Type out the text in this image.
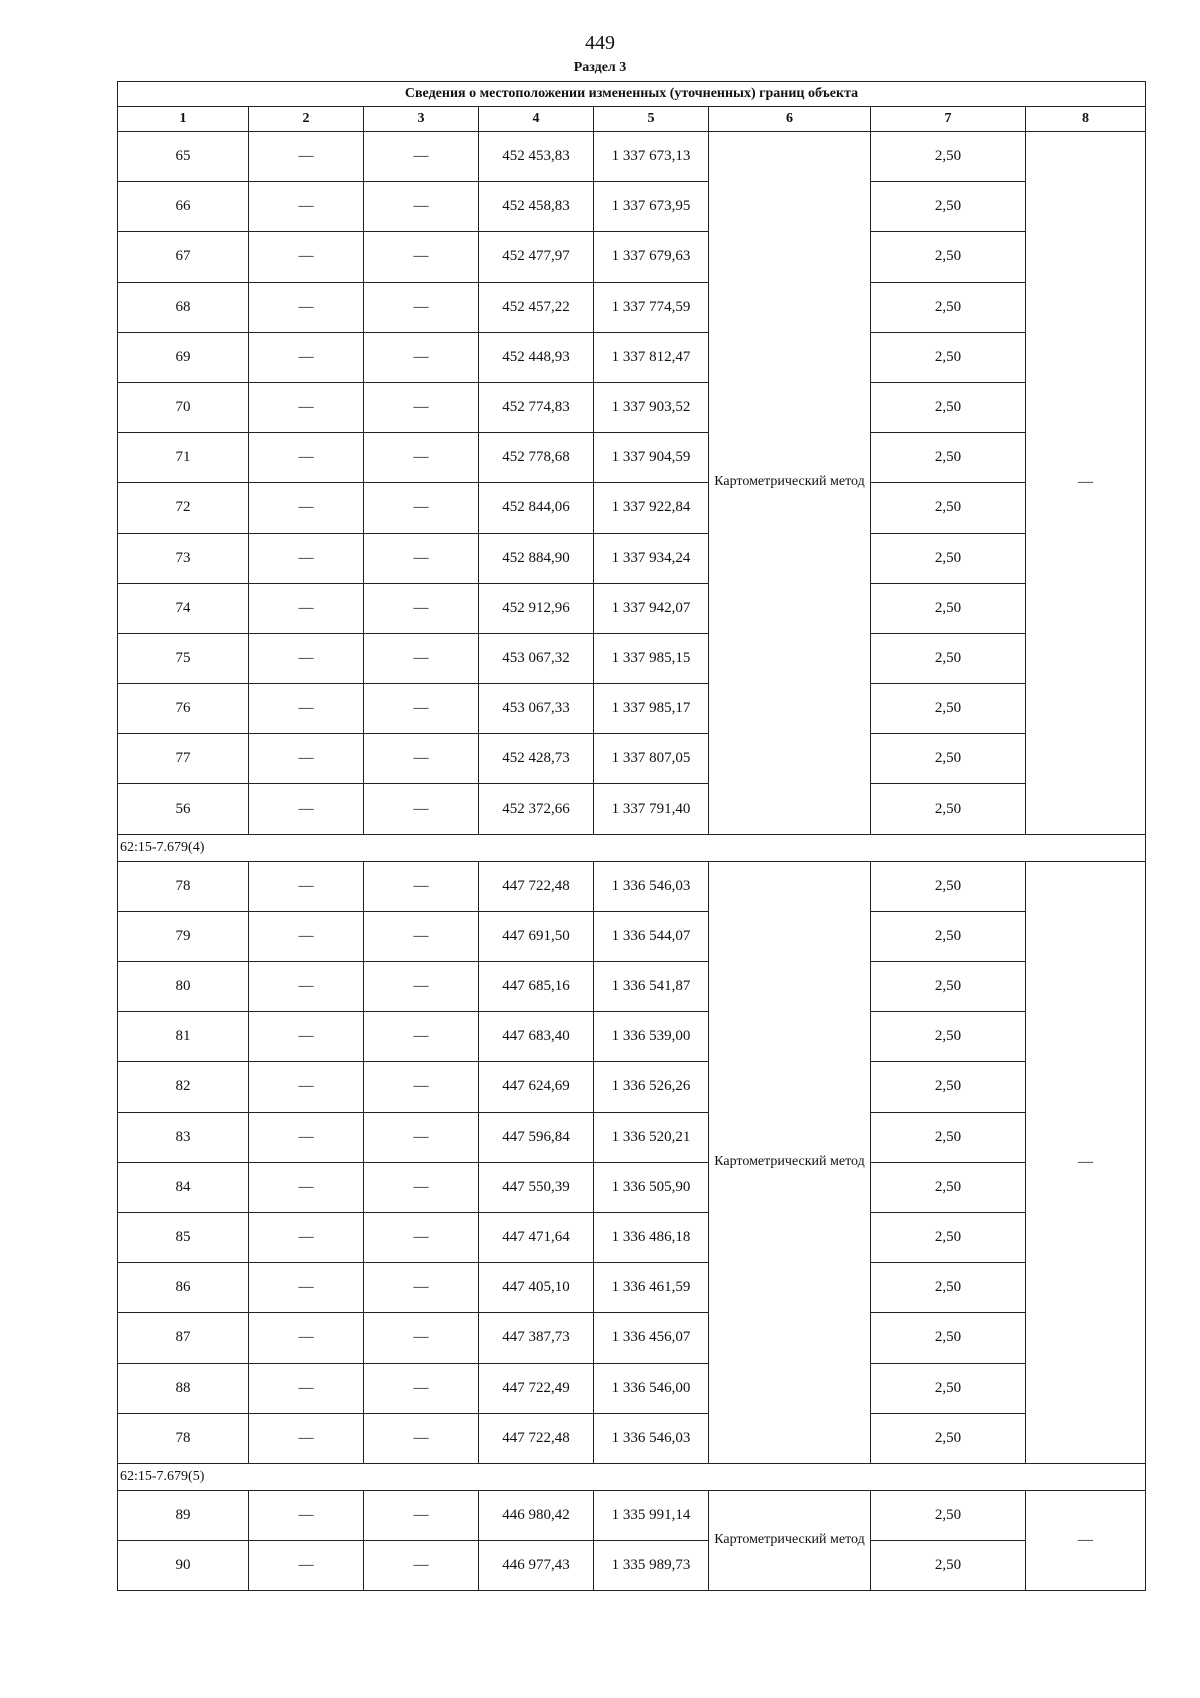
449
Раздел 3
Сведения о местоположении измененных (уточненных) границ объекта							
1	2	3	4	5	6	7	8
65	—	—	452 453,83	1 337 673,13	Картометрический метод	2,50	—
66	—	—	452 458,83	1 337 673,95		2,50	
67	—	—	452 477,97	1 337 679,63		2,50	
68	—	—	452 457,22	1 337 774,59		2,50	
69	—	—	452 448,93	1 337 812,47		2,50	
70	—	—	452 774,83	1 337 903,52		2,50	
71	—	—	452 778,68	1 337 904,59		2,50	
72	—	—	452 844,06	1 337 922,84		2,50	
73	—	—	452 884,90	1 337 934,24		2,50	
74	—	—	452 912,96	1 337 942,07		2,50	
75	—	—	453 067,32	1 337 985,15		2,50	
76	—	—	453 067,33	1 337 985,17		2,50	
77	—	—	452 428,73	1 337 807,05		2,50	
56	—	—	452 372,66	1 337 791,40		2,50	
62:15-7.679(4)							
78	—	—	447 722,48	1 336 546,03	Картометрический метод	2,50	—
79	—	—	447 691,50	1 336 544,07		2,50	
80	—	—	447 685,16	1 336 541,87		2,50	
81	—	—	447 683,40	1 336 539,00		2,50	
82	—	—	447 624,69	1 336 526,26		2,50	
83	—	—	447 596,84	1 336 520,21		2,50	
84	—	—	447 550,39	1 336 505,90		2,50	
85	—	—	447 471,64	1 336 486,18		2,50	
86	—	—	447 405,10	1 336 461,59		2,50	
87	—	—	447 387,73	1 336 456,07		2,50	
88	—	—	447 722,49	1 336 546,00		2,50	
78	—	—	447 722,48	1 336 546,03		2,50	
62:15-7.679(5)							
89	—	—	446 980,42	1 335 991,14	Картометрический метод	2,50	—
90	—	—	446 977,43	1 335 989,73		2,50	
